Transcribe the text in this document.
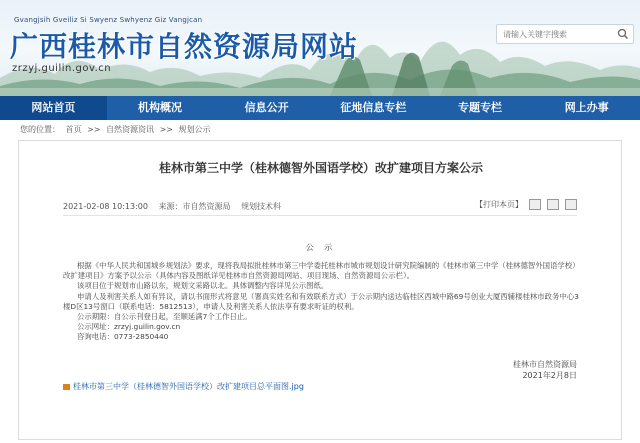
Gvangjsih Gveiliz Si Swyenz Swhyenz Giz Vangjcan
广西桂林市自然资源局网站
zrzyj.guilin.gov.cn
请输入关键字搜索
网站首页	机构概况	信息公开	征地信息专栏	专题专栏	网上办事
您的位置： 首页 >> 自然资源资讯 >> 规划公示
桂林市第三中学（桂林德智外国语学校）改扩建项目方案公示
2021-02-08 10:13:00 来源：市自然资源局 规划技术科	【打印本页】
公 示

根据《中华人民共和国城乡规划法》要求，现将我局拟批桂林市第三中学委托桂林市城市规划设计研究院编制的《桂林市第三中学（桂林德智外国语学校）改扩建项目》方案予以公示（具体内容及图纸详见桂林市自然资源局网站、项目现场、自然资源局公示栏）。

该项目位于规划市山路以东，规划文采路以北。具体调整内容详见公示图纸。

申请人及利害关系人如有异议，请以书面形式将意见（署真实姓名和有效联系方式）于公示期内送达临桂区西城中路69号创业大厦西辅楼桂林市政务中心3楼D区13号窗口（联系电话：5812513），申请人及利害关系人依法享有要求听证的权利。

公示期限：自公示刊登日起，至顺延满7个工作日止。

公示网址：zrzyj.guilin.gov.cn

咨询电话：0773-2850440

桂林市自然资源局
2021年2月8日
桂林市第三中学（桂林德智外国语学校）改扩建项目总平面图.jpg
